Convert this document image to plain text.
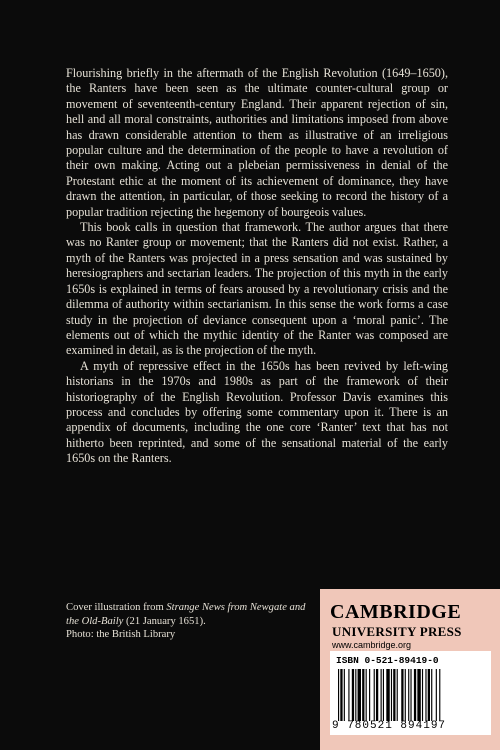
Flourishing briefly in the aftermath of the English Revolution (1649–1650), the Ranters have been seen as the ultimate counter-cultural group or movement of seventeenth-century England. Their apparent rejection of sin, hell and all moral constraints, authorities and limitations imposed from above has drawn considerable attention to them as illustrative of an irreligious popular culture and the determination of the people to have a revolution of their own making. Acting out a plebeian permissiveness in denial of the Protestant ethic at the moment of its achievement of dominance, they have drawn the attention, in particular, of those seeking to record the history of a popular tradition rejecting the hegemony of bourgeois values.

This book calls in question that framework. The author argues that there was no Ranter group or movement; that the Ranters did not exist. Rather, a myth of the Ranters was projected in a press sensation and was sustained by heresiographers and sectarian leaders. The projection of this myth in the early 1650s is explained in terms of fears aroused by a revolutionary crisis and the dilemma of authority within sectarianism. In this sense the work forms a case study in the projection of deviance consequent upon a ‘moral panic’. The elements out of which the mythic identity of the Ranter was composed are examined in detail, as is the projection of the myth.

A myth of repressive effect in the 1650s has been revived by left-wing historians in the 1970s and 1980s as part of the framework of their historiography of the English Revolution. Professor Davis examines this process and concludes by offering some commentary upon it. There is an appendix of documents, including the one core ‘Ranter’ text that has not hitherto been reprinted, and some of the sensational material of the early 1650s on the Ranters.

Cover illustration from Strange News from Newgate and the Old-Baily (21 January 1651).
Photo: the British Library
CAMBRIDGE
UNIVERSITY PRESS
www.cambridge.org
ISBN 0-521-89419-0
9 780521 894197
